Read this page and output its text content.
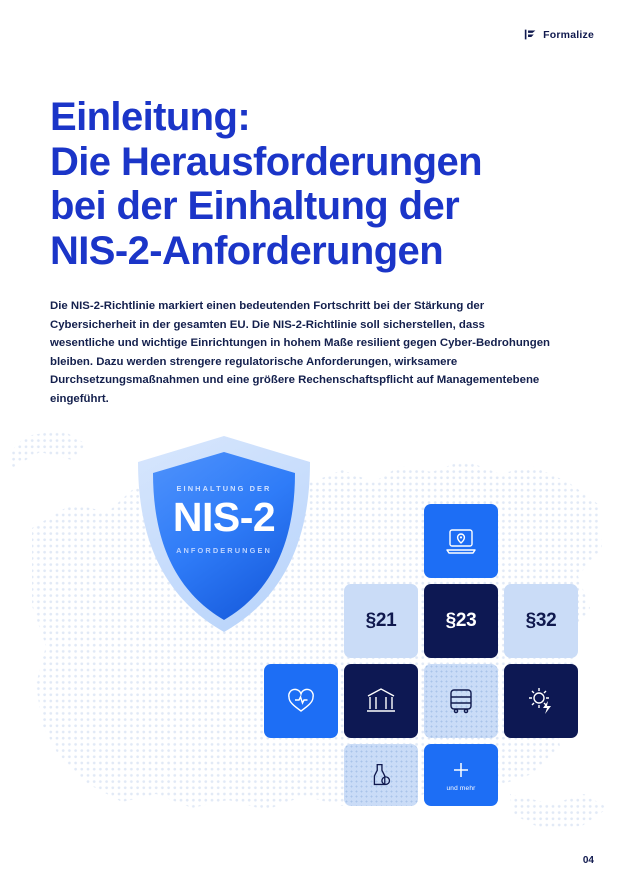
Formalize
Einleitung:
Die Herausforderungen
bei der Einhaltung der
NIS-2-Anforderungen

Die NIS-2-Richtlinie markiert einen bedeutenden Fortschritt bei der Stärkung der Cybersicherheit in der gesamten EU. Die NIS-2-Richtlinie soll sicherstellen, dass wesentliche und wichtige Einrichtungen in hohem Maße resilient gegen Cyber-Bedrohungen bleiben. Dazu werden strengere regulatorische Anforderungen, wirksamere Durchsetzungsmaßnahmen und eine größere Rechenschaftspflicht auf Managementebene eingeführt.

EINHALTUNG DER
NIS-2
ANFORDERUNGEN
§21	§23	§32
und mehr
04
